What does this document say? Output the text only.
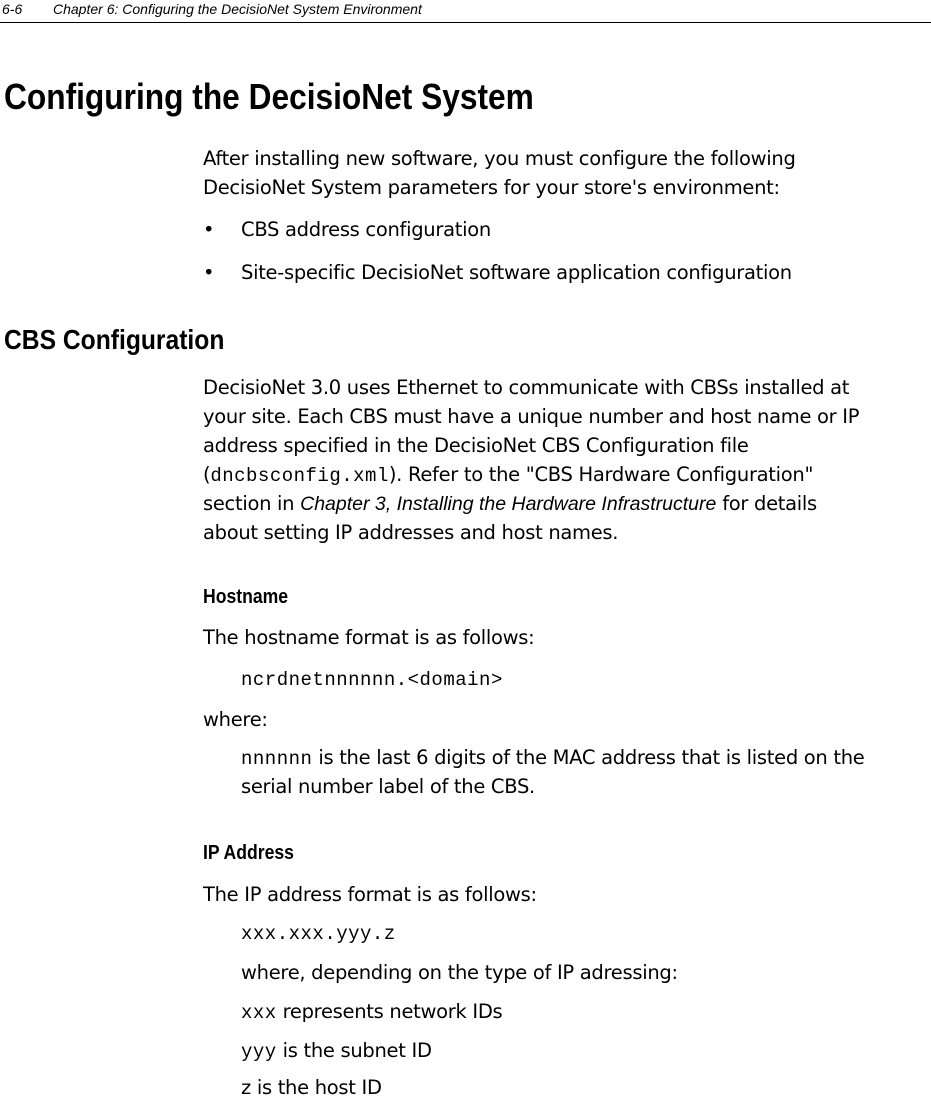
6-6 Chapter 6: Configuring the DecisioNet System Environment
Configuring the DecisioNet System

After installing new software, you must configure the following

DecisioNet System parameters for your store's environment:

• CBS address configuration

• Site-specific DecisioNet software application configuration

CBS Configuration

DecisioNet 3.0 uses Ethernet to communicate with CBSs installed at

your site. Each CBS must have a unique number and host name or IP

address specified in the DecisioNet CBS Configuration file

(dncbsconfig.xml). Refer to the "CBS Hardware Configuration"

section in Chapter 3, Installing the Hardware Infrastructure for details

about setting IP addresses and host names.

Hostname

The hostname format is as follows:

ncrdnetnnnnnn.<domain>

where:

nnnnnn is the last 6 digits of the MAC address that is listed on the

serial number label of the CBS.

IP Address

The IP address format is as follows:

xxx.xxx.yyy.z

where, depending on the type of IP adressing:

xxx represents network IDs

yyy is the subnet ID

z is the host ID
